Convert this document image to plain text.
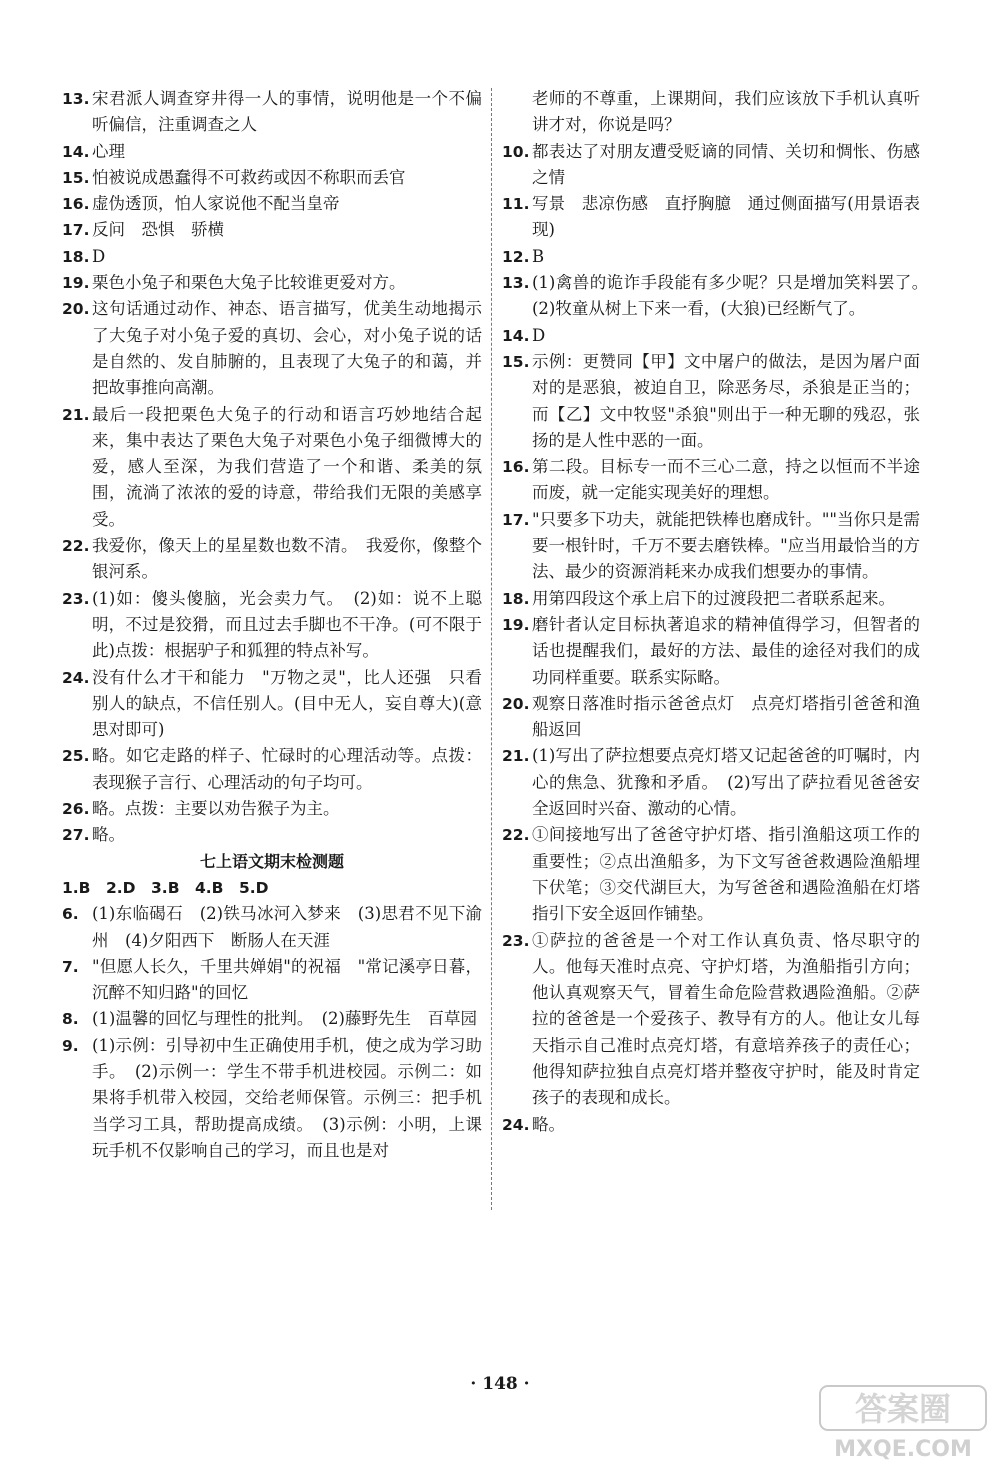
13. 宋君派人调查穿井得一人的事情，说明他是一个不偏听偏信，注重调查之人
14. 心理
15. 怕被说成愚蠢得不可救药或因不称职而丢官
16. 虚伪透顶，怕人家说他不配当皇帝
17. 反问　恐惧　骄横
18. D
19. 栗色小兔子和栗色大兔子比较谁更爱对方。
20. 这句话通过动作、神态、语言描写，优美生动地揭示了大兔子对小兔子爱的真切、会心，对小兔子说的话是自然的、发自肺腑的，且表现了大兔子的和蔼，并把故事推向高潮。
21. 最后一段把栗色大兔子的行动和语言巧妙地结合起来，集中表达了栗色大兔子对栗色小兔子细微博大的爱，感人至深，为我们营造了一个和谐、柔美的氛围，流淌了浓浓的爱的诗意，带给我们无限的美感享受。
22. 我爱你，像天上的星星数也数不清。　我爱你，像整个银河系。
23. (1)如：傻头傻脑，光会卖力气。　(2)如：说不上聪明，不过是狡猾，而且过去手脚也不干净。(可不限于此)点拨：根据驴子和狐狸的特点补写。
24. 没有什么才干和能力　"万物之灵"，比人还强　只看别人的缺点，不信任别人。(目中无人，妄自尊大)(意思对即可)
25. 略。如它走路的样子、忙碌时的心理活动等。点拨：表现猴子言行、心理活动的句子均可。
26. 略。点拨：主要以劝告猴子为主。
27. 略。
七上语文期末检测题
1.B　2.D　3.B　4.B　5.D
6. (1)东临碣石　(2)铁马冰河入梦来　(3)思君不见下渝州　(4)夕阳西下　断肠人在天涯
7. "但愿人长久，千里共婵娟"的祝福　"常记溪亭日暮，沉醉不知归路"的回忆
8. (1)温馨的回忆与理性的批判。　(2)藤野先生　百草园
9. (1)示例：引导初中生正确使用手机，使之成为学习助手。　(2)示例一：学生不带手机进校园。示例二：如果将手机带入校园，交给老师保管。示例三：把手机当学习工具，帮助提高成绩。　(3)示例：小明，上课玩手机不仅影响自己的学习，而且也是对
老师的不尊重，上课期间，我们应该放下手机认真听讲才对，你说是吗？
10. 都表达了对朋友遭受贬谪的同情、关切和惆怅、伤感之情
11. 写景　悲凉伤感　直抒胸臆　通过侧面描写(用景语表现)
12. B
13. (1)禽兽的诡诈手段能有多少呢？只是增加笑料罢了。　(2)牧童从树上下来一看，(大狼)已经断气了。
14. D
15. 示例：更赞同【甲】文中屠户的做法，是因为屠户面对的是恶狼，被迫自卫，除恶务尽，杀狼是正当的；而【乙】文中牧竖"杀狼"则出于一种无聊的残忍，张扬的是人性中恶的一面。
16. 第二段。目标专一而不三心二意，持之以恒而不半途而废，就一定能实现美好的理想。
17. "只要多下功夫，就能把铁棒也磨成针。""当你只是需要一根针时，千万不要去磨铁棒。"应当用最恰当的方法、最少的资源消耗来办成我们想要办的事情。
18. 用第四段这个承上启下的过渡段把二者联系起来。
19. 磨针者认定目标执著追求的精神值得学习，但智者的话也提醒我们，最好的方法、最佳的途径对我们的成功同样重要。联系实际略。
20. 观察日落准时指示爸爸点灯　点亮灯塔指引爸爸和渔船返回
21. (1)写出了萨拉想要点亮灯塔又记起爸爸的叮嘱时，内心的焦急、犹豫和矛盾。　(2)写出了萨拉看见爸爸安全返回时兴奋、激动的心情。
22. ①间接地写出了爸爸守护灯塔、指引渔船这项工作的重要性；②点出渔船多，为下文写爸爸救遇险渔船埋下伏笔；③交代湖巨大，为写爸爸和遇险渔船在灯塔指引下安全返回作铺垫。
23. ①萨拉的爸爸是一个对工作认真负责、恪尽职守的人。他每天准时点亮、守护灯塔，为渔船指引方向；他认真观察天气，冒着生命危险营救遇险渔船。②萨拉的爸爸是一个爱孩子、教导有方的人。他让女儿每天指示自己准时点亮灯塔，有意培养孩子的责任心；他得知萨拉独自点亮灯塔并整夜守护时，能及时肯定孩子的表现和成长。
24. 略。
· 148 ·
答案圈
MXQE.COM
